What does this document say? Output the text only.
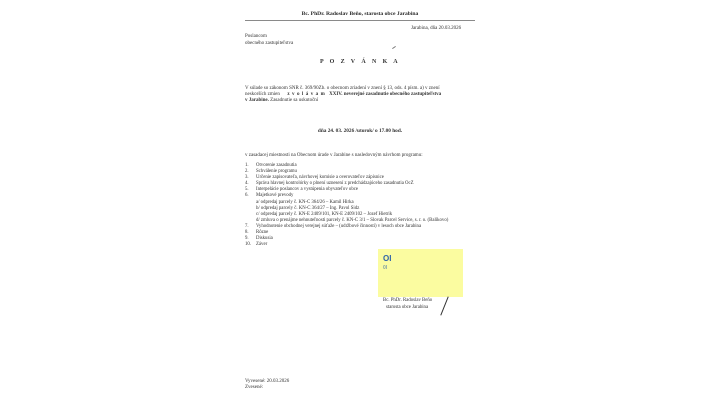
Bc. PhDr. Radoslav Beňo, starosta obce Jarabina
Jarabina, dňa 20.03.2026
Poslancom
obecného zastupiteľstva
P O Z V Á N K A
V súlade so zákonom SNR č. 369/90Zb. o obecnom zriadení v znení § 13, ods. 4 písm. a) v znení
neskorších zmien z v o l á v a m XXIV. neverejné zasadnutie obecného zastupiteľstva
v Jarabine. Zasadnutie sa uskutoční
dňa 24. 03. 2026 /utorok/ o 17.00 hod.
v zasadacej miestnosti na Obecnom úrade v Jarabine s nasledovným návrhom programu:
1. Otvorenie zasadnutia
2. Schválenie programu
3. Určenie zapisovateľa, návrhovej komisie a overovateľov zápisnice
4. Správa hlavnej kontrolórky o plnení uznesení z predchádzajúceho zasadnutia OcZ
5. Interpelácie poslancov a vystúpenia obyvateľov obce
6. Majetkové prevody
a/ odpredaj parcely č. KN-C 364/26 – Kamil Hirka
b/ odpredaj parcely č. KN-C 364/27 – Ing. Pavol Sidz
c/ odpredaj parcely č. KN-E 2409/101, KN-E 2409/102 – Jozef Hietrik
d/ zmluva o prenájme nehnuteľnosti parcely č. KN-C 3/1 – Slovak Parcel Service, s. r. o. (Balíkovo)
7. Vyhodnotenie obchodnej verejnej súťaže – (udržbové činnosti) v lesoch obce Jarabina
8. Rôzne
9. Diskusia
10. Záver
OI
0I
Bc. PhDr. Radoslav Beňo
starosta obce Jarabina
Vyvesené: 20.03.2026
Zvesené:
